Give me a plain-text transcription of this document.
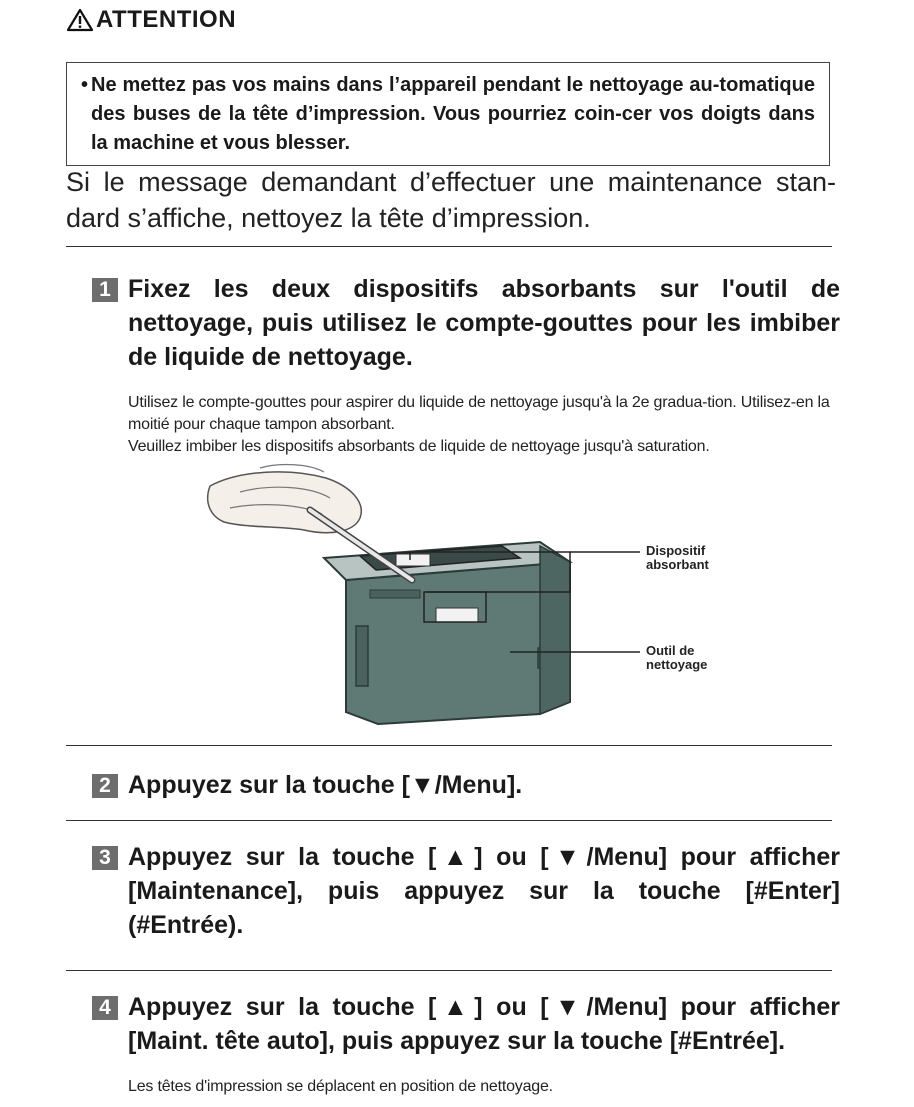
ATTENTION
• Ne mettez pas vos mains dans l’appareil pendant le nettoyage au-tomatique des buses de la tête d’impression. Vous pourriez coin-cer vos doigts dans la machine et vous blesser.
Si le message demandant d’effectuer une maintenance stan-dard s’affiche, nettoyez la tête d’impression.
1 Fixez les deux dispositifs absorbants sur l'outil de nettoyage, puis utilisez le compte-gouttes pour les imbiber de liquide de nettoyage.
Utilisez le compte-gouttes pour aspirer du liquide de nettoyage jusqu'à la 2e gradua-tion. Utilisez-en la moitié pour chaque tampon absorbant.
Veuillez imbiber les dispositifs absorbants de liquide de nettoyage jusqu'à saturation.
Dispositif
absorbant
Outil de
nettoyage
2 Appuyez sur la touche [▼/Menu].
3 Appuyez sur la touche [▲] ou [▼/Menu] pour afficher [Maintenance], puis appuyez sur la touche [#Enter] (#Entrée).
4 Appuyez sur la touche [▲] ou [▼/Menu] pour afficher [Maint. tête auto], puis appuyez sur la touche [#Entrée].
Les têtes d'impression se déplacent en position de nettoyage.
